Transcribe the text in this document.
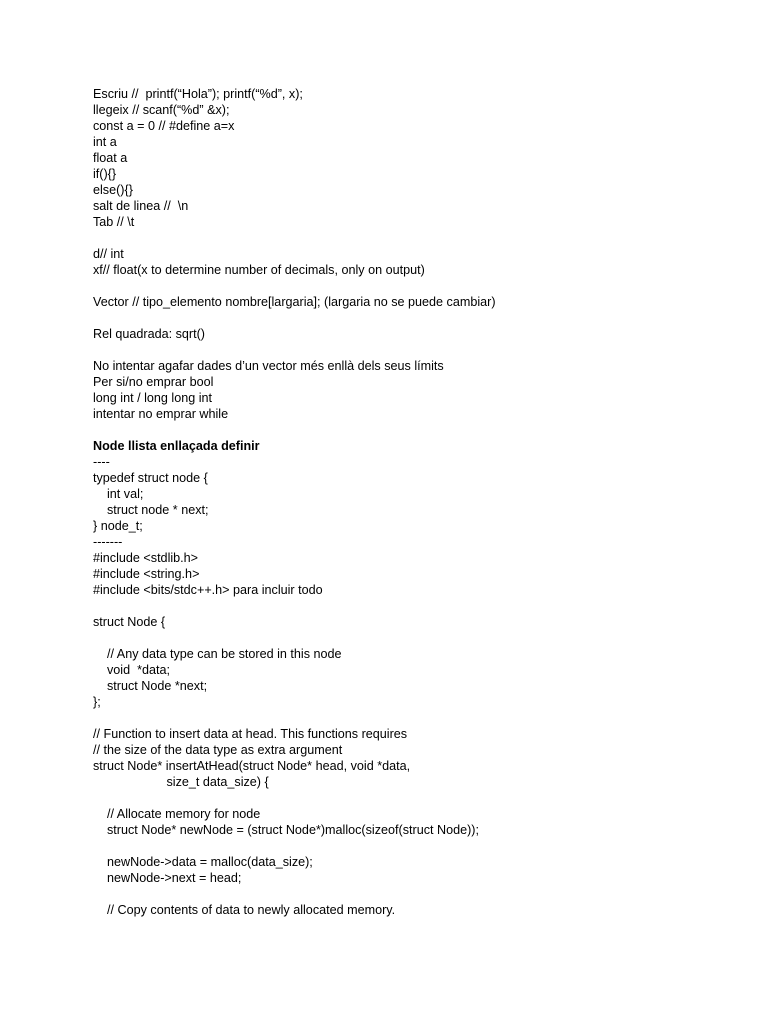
Escriu //  printf(“Hola”); printf(“%d”, x);
llegeix // scanf(“%d” &x);
const a = 0 // #define a=x
int a
float a
if(){}
else(){}
salt de linea //  \n
Tab // \t
d// int
xf// float(x to determine number of decimals, only on output)
Vector // tipo_elemento nombre[largaria]; (largaria no se puede cambiar)
Rel quadrada: sqrt()
No intentar agafar dades d’un vector més enllà dels seus límits
Per si/no emprar bool
long int / long long int
intentar no emprar while
Node llista enllaçada definir
----
typedef struct node {
int val;
struct node * next;
} node_t;
-------
#include <stdlib.h>
#include <string.h>
#include <bits/stdc++.h> para incluir todo
struct Node {
// Any data type can be stored in this node
void  *data;
struct Node *next;
};
// Function to insert data at head. This functions requires
// the size of the data type as extra argument
struct Node* insertAtHead(struct Node* head, void *data,
size_t data_size) {
// Allocate memory for node
struct Node* newNode = (struct Node*)malloc(sizeof(struct Node));
newNode->data = malloc(data_size);
newNode->next = head;
// Copy contents of data to newly allocated memory.
